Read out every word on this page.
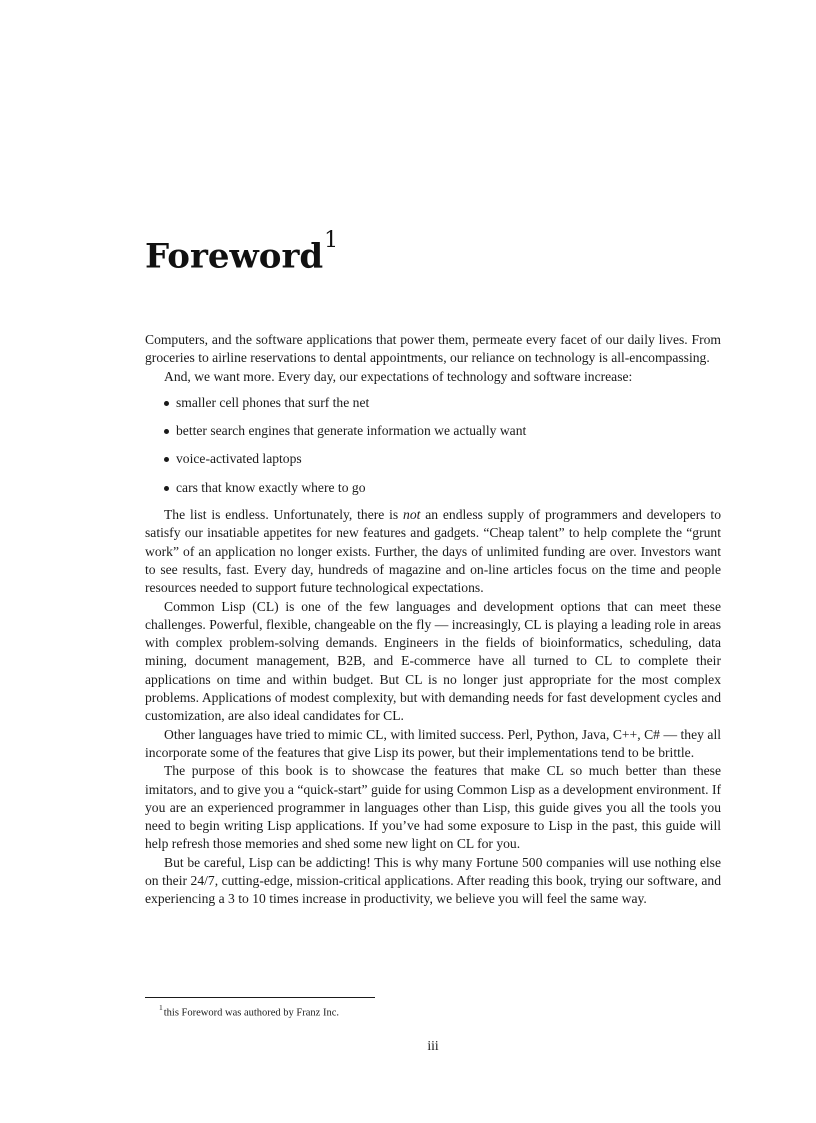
Foreword$^1$

Computers, and the software applications that power them, permeate every facet of our daily lives. From groceries to airline reservations to dental appointments, our reliance on technology is all-encompassing.

And, we want more. Every day, our expectations of technology and software increase:

smaller cell phones that surf the net
better search engines that generate information we actually want
voice-activated laptops
cars that know exactly where to go

The list is endless. Unfortunately, there is not an endless supply of programmers and developers to satisfy our insatiable appetites for new features and gadgets. “Cheap talent” to help complete the “grunt work” of an application no longer exists. Further, the days of unlimited funding are over. Investors want to see results, fast. Every day, hundreds of magazine and on-line articles focus on the time and people resources needed to support future technological expectations.

Common Lisp (CL) is one of the few languages and development options that can meet these challenges. Powerful, flexible, changeable on the fly — increasingly, CL is playing a leading role in areas with complex problem-solving demands. Engineers in the fields of bioinformatics, scheduling, data mining, document management, B2B, and E-commerce have all turned to CL to complete their applications on time and within budget. But CL is no longer just appropriate for the most complex problems. Applications of modest complexity, but with demanding needs for fast development cycles and customization, are also ideal candidates for CL.

Other languages have tried to mimic CL, with limited success. Perl, Python, Java, C++, C# — they all incorporate some of the features that give Lisp its power, but their implementations tend to be brittle.

The purpose of this book is to showcase the features that make CL so much better than these imitators, and to give you a “quick-start” guide for using Common Lisp as a development environment. If you are an experienced programmer in languages other than Lisp, this guide gives you all the tools you need to begin writing Lisp applications. If you’ve had some exposure to Lisp in the past, this guide will help refresh those memories and shed some new light on CL for you.

But be careful, Lisp can be addicting! This is why many Fortune 500 companies will use nothing else on their 24/7, cutting-edge, mission-critical applications. After reading this book, trying our software, and experiencing a 3 to 10 times increase in productivity, we believe you will feel the same way.

$^1$this Foreword was authored by Franz Inc.
iii
